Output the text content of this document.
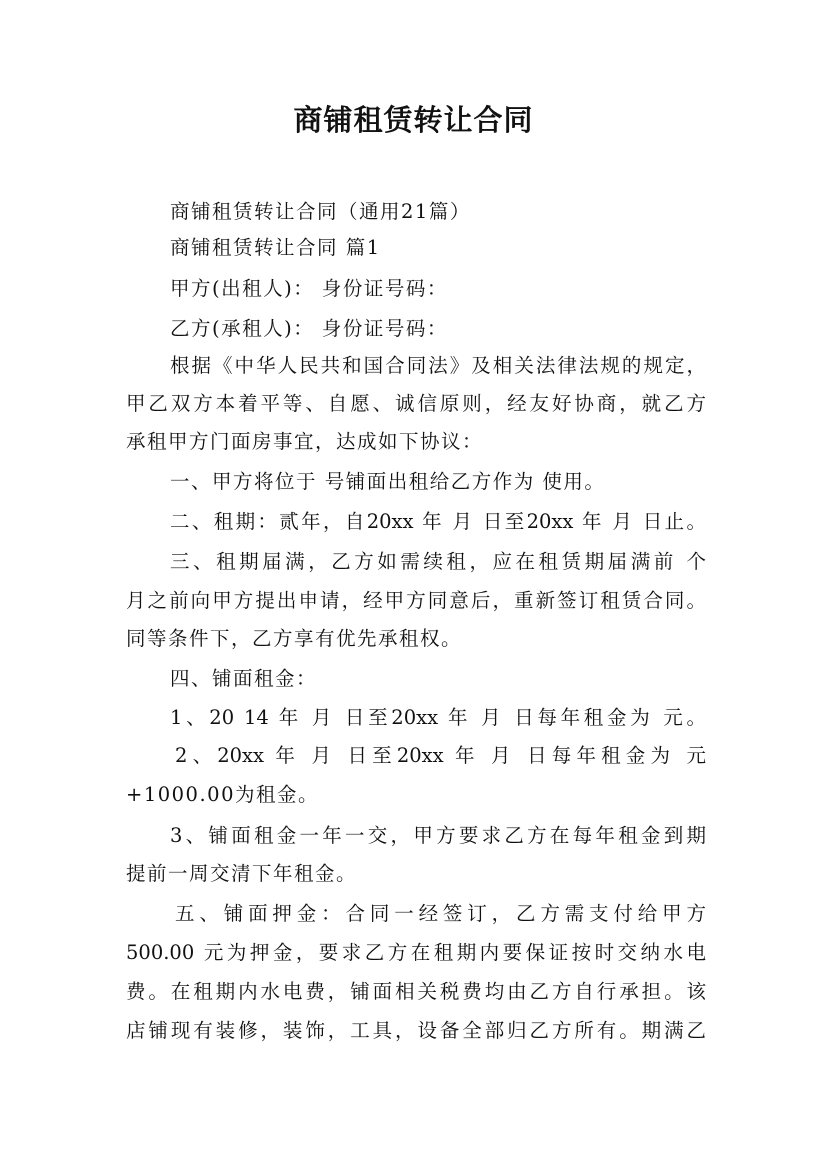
商铺租赁转让合同
商铺租赁转让合同（通用21篇）
商铺租赁转让合同 篇1
甲方(出租人)： 身份证号码：
乙方(承租人)： 身份证号码：
根据《中华人民共和国合同法》及相关法律法规的规定，
甲乙双方本着平等、自愿、诚信原则，经友好协商，就乙方
承租甲方门面房事宜，达成如下协议：
一、甲方将位于 号铺面出租给乙方作为 使用。
二、租期：贰年，自20xx 年 月 日至20xx 年 月 日止。
三、租期届满，乙方如需续租，应在租赁期届满前 个
月之前向甲方提出申请，经甲方同意后，重新签订租赁合同。
同等条件下，乙方享有优先承租权。
四、铺面租金：
1、20 14 年 月 日至20xx 年 月 日每年租金为 元。
2、20xx 年 月 日至20xx 年 月 日每年租金为 元
+1000.00为租金。
3、铺面租金一年一交，甲方要求乙方在每年租金到期
提前一周交清下年租金。
五、铺面押金：合同一经签订，乙方需支付给甲方
500.00 元为押金，要求乙方在租期内要保证按时交纳水电
费。在租期内水电费，铺面相关税费均由乙方自行承担。该
店铺现有装修，装饰，工具，设备全部归乙方所有。期满乙
